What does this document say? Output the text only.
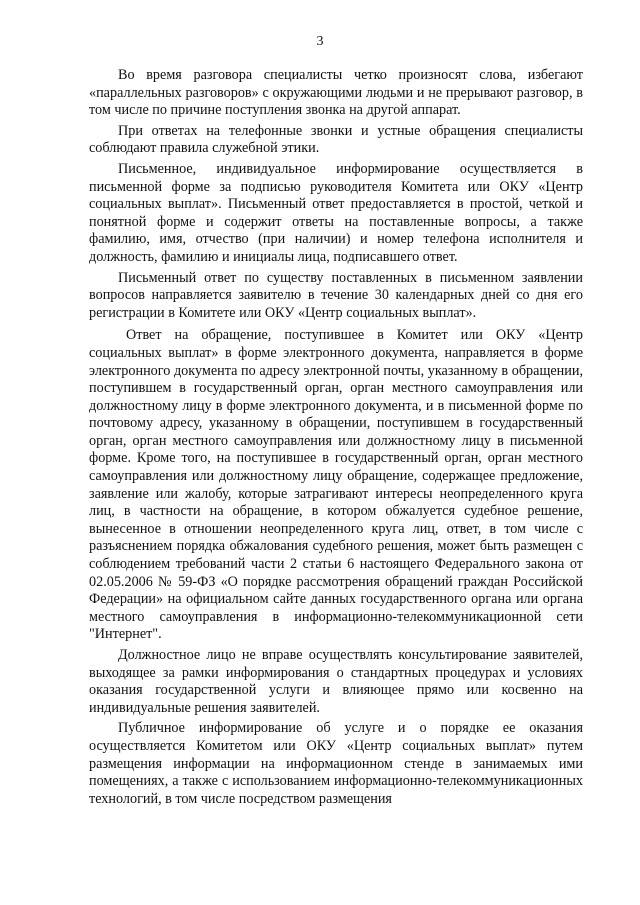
3

Во время разговора специалисты четко произносят слова, избегают «параллельных разговоров» с окружающими людьми и не прерывают разговор, в том числе по причине поступления звонка на другой аппарат.

При ответах на телефонные звонки и устные обращения специалисты соблюдают правила служебной этики.

Письменное, индивидуальное информирование осуществляется в письменной форме за подписью руководителя Комитета или ОКУ «Центр социальных выплат». Письменный ответ предоставляется в простой, четкой и понятной форме и содержит ответы на поставленные вопросы, а также фамилию, имя, отчество (при наличии) и номер телефона исполнителя и должность, фамилию и инициалы лица, подписавшего ответ.

Письменный ответ по существу поставленных в письменном заявлении вопросов направляется заявителю в течение 30 календарных дней со дня его регистрации в Комитете или ОКУ «Центр социальных выплат».

Ответ на обращение, поступившее в Комитет или ОКУ «Центр социальных выплат» в форме электронного документа, направляется в форме электронного документа по адресу электронной почты, указанному в обращении, поступившем в государственный орган, орган местного самоуправления или должностному лицу в форме электронного документа, и в письменной форме по почтовому адресу, указанному в обращении, поступившем в государственный орган, орган местного самоуправления или должностному лицу в письменной форме. Кроме того, на поступившее в государственный орган, орган местного самоуправления или должностному лицу обращение, содержащее предложение, заявление или жалобу, которые затрагивают интересы неопределенного круга лиц, в частности на обращение, в котором обжалуется судебное решение, вынесенное в отношении неопределенного круга лиц, ответ, в том числе с разъяснением порядка обжалования судебного решения, может быть размещен с соблюдением требований части 2 статьи 6 настоящего Федерального закона от 02.05.2006 № 59-ФЗ «О порядке рассмотрения обращений граждан Российской Федерации» на официальном сайте данных государственного органа или органа местного самоуправления в информационно-телекоммуникационной сети "Интернет".

Должностное лицо не вправе осуществлять консультирование заявителей, выходящее за рамки информирования о стандартных процедурах и условиях оказания государственной услуги и влияющее прямо или косвенно на индивидуальные решения заявителей.

Публичное информирование об услуге и о порядке ее оказания осуществляется Комитетом или ОКУ «Центр социальных выплат» путем размещения информации на информационном стенде в занимаемых ими помещениях, а также с использованием информационно-телекоммуникационных технологий, в том числе посредством размещения
